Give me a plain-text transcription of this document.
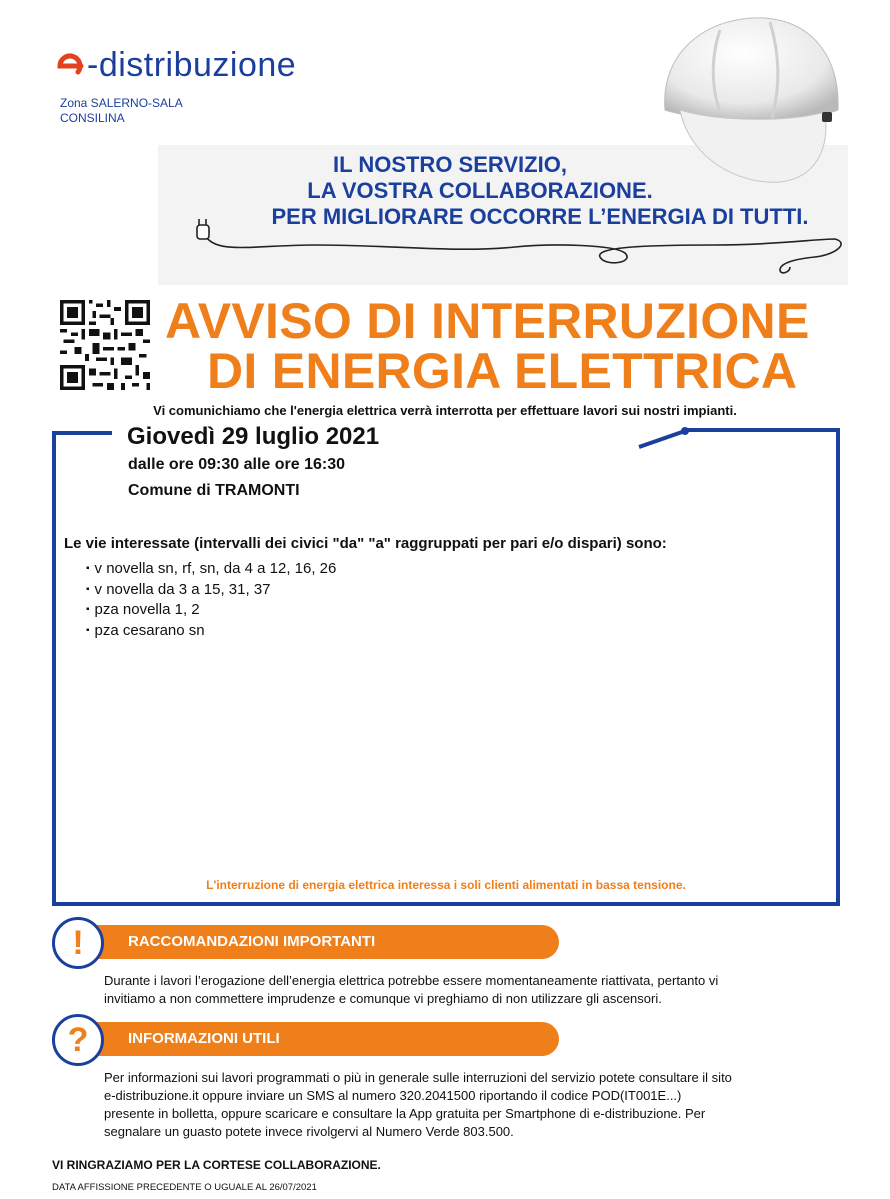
-distribuzione
Zona SALERNO-SALA
CONSILINA
IL NOSTRO SERVIZIO,
LA VOSTRA COLLABORAZIONE.
PER MIGLIORARE OCCORRE L’ENERGIA DI TUTTI.
AVVISO DI INTERRUZIONE
DI ENERGIA ELETTRICA
Vi comunichiamo che l'energia elettrica verrà interrotta per effettuare lavori sui nostri impianti.
Giovedì 29 luglio 2021
dalle ore 09:30 alle ore 16:30
Comune di TRAMONTI
Le vie interessate (intervalli dei civici "da" "a" raggruppati per pari e/o dispari) sono:
▪ v novella sn, rf, sn, da 4 a 12, 16, 26
▪ v novella da 3 a 15, 31, 37
▪ pza novella 1, 2
▪ pza cesarano sn
L'interruzione di energia elettrica interessa i soli clienti alimentati in bassa tensione.
RACCOMANDAZIONI IMPORTANTI
!
Durante i lavori l’erogazione dell’energia elettrica potrebbe essere momentaneamente riattivata, pertanto vi
invitiamo a non commettere imprudenze e comunque vi preghiamo di non utilizzare gli ascensori.
INFORMAZIONI UTILI
?
Per informazioni sui lavori programmati o più in generale sulle interruzioni del servizio potete consultare il sito
e-distribuzione.it oppure inviare un SMS al numero 320.2041500 riportando il codice POD(IT001E...)
presente in bolletta, oppure scaricare e consultare la App gratuita per Smartphone di e-distribuzione. Per
segnalare un guasto potete invece rivolgervi al Numero Verde 803.500.
VI RINGRAZIAMO PER LA CORTESE COLLABORAZIONE.
DATA AFFISSIONE PRECEDENTE O UGUALE AL 26/07/2021
